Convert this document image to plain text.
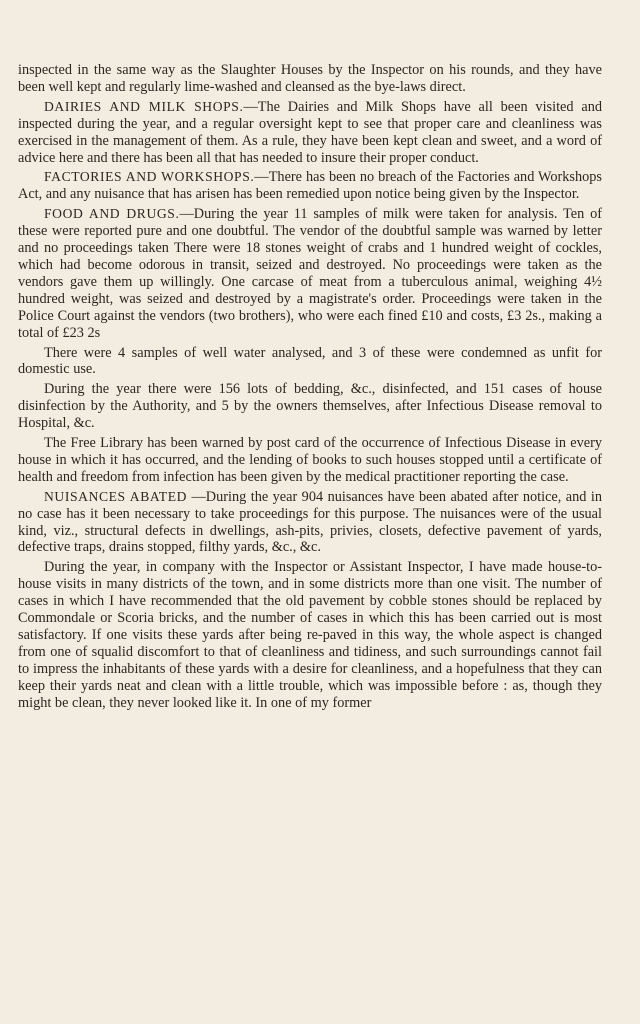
inspected in the same way as the Slaughter Houses by the Inspector on his rounds, and they have been well kept and regularly lime-washed and cleansed as the bye-laws direct.

DAIRIES AND MILK SHOPS.—The Dairies and Milk Shops have all been visited and inspected during the year, and a regular oversight kept to see that proper care and cleanliness was exercised in the management of them. As a rule, they have been kept clean and sweet, and a word of advice here and there has been all that has needed to insure their proper conduct.

FACTORIES AND WORKSHOPS.—There has been no breach of the Factories and Workshops Act, and any nuisance that has arisen has been remedied upon notice being given by the Inspector.

FOOD AND DRUGS.—During the year 11 samples of milk were taken for analysis. Ten of these were reported pure and one doubtful. The vendor of the doubtful sample was warned by letter and no proceedings taken There were 18 stones weight of crabs and 1 hundred weight of cockles, which had become odorous in transit, seized and destroyed. No proceedings were taken as the vendors gave them up willingly. One carcase of meat from a tuberculous animal, weighing 4½ hundred weight, was seized and destroyed by a magistrate's order. Proceedings were taken in the Police Court against the vendors (two brothers), who were each fined £10 and costs, £3 2s., making a total of £23 2s

There were 4 samples of well water analysed, and 3 of these were condemned as unfit for domestic use.

During the year there were 156 lots of bedding, &c., disinfected, and 151 cases of house disinfection by the Authority, and 5 by the owners themselves, after Infectious Disease removal to Hospital, &c.

The Free Library has been warned by post card of the occurrence of Infectious Disease in every house in which it has occurred, and the lending of books to such houses stopped until a certificate of health and freedom from infection has been given by the medical practitioner reporting the case.

NUISANCES ABATED —During the year 904 nuisances have been abated after notice, and in no case has it been necessary to take proceedings for this purpose. The nuisances were of the usual kind, viz., structural defects in dwellings, ash-pits, privies, closets, defective pavement of yards, defective traps, drains stopped, filthy yards, &c., &c.

During the year, in company with the Inspector or Assistant Inspector, I have made house-to-house visits in many districts of the town, and in some districts more than one visit. The number of cases in which I have recommended that the old pavement by cobble stones should be replaced by Commondale or Scoria bricks, and the number of cases in which this has been carried out is most satisfactory. If one visits these yards after being re-paved in this way, the whole aspect is changed from one of squalid discomfort to that of cleanliness and tidiness, and such surroundings cannot fail to impress the inhabitants of these yards with a desire for cleanliness, and a hopefulness that they can keep their yards neat and clean with a little trouble, which was impossible before : as, though they might be clean, they never looked like it. In one of my former
